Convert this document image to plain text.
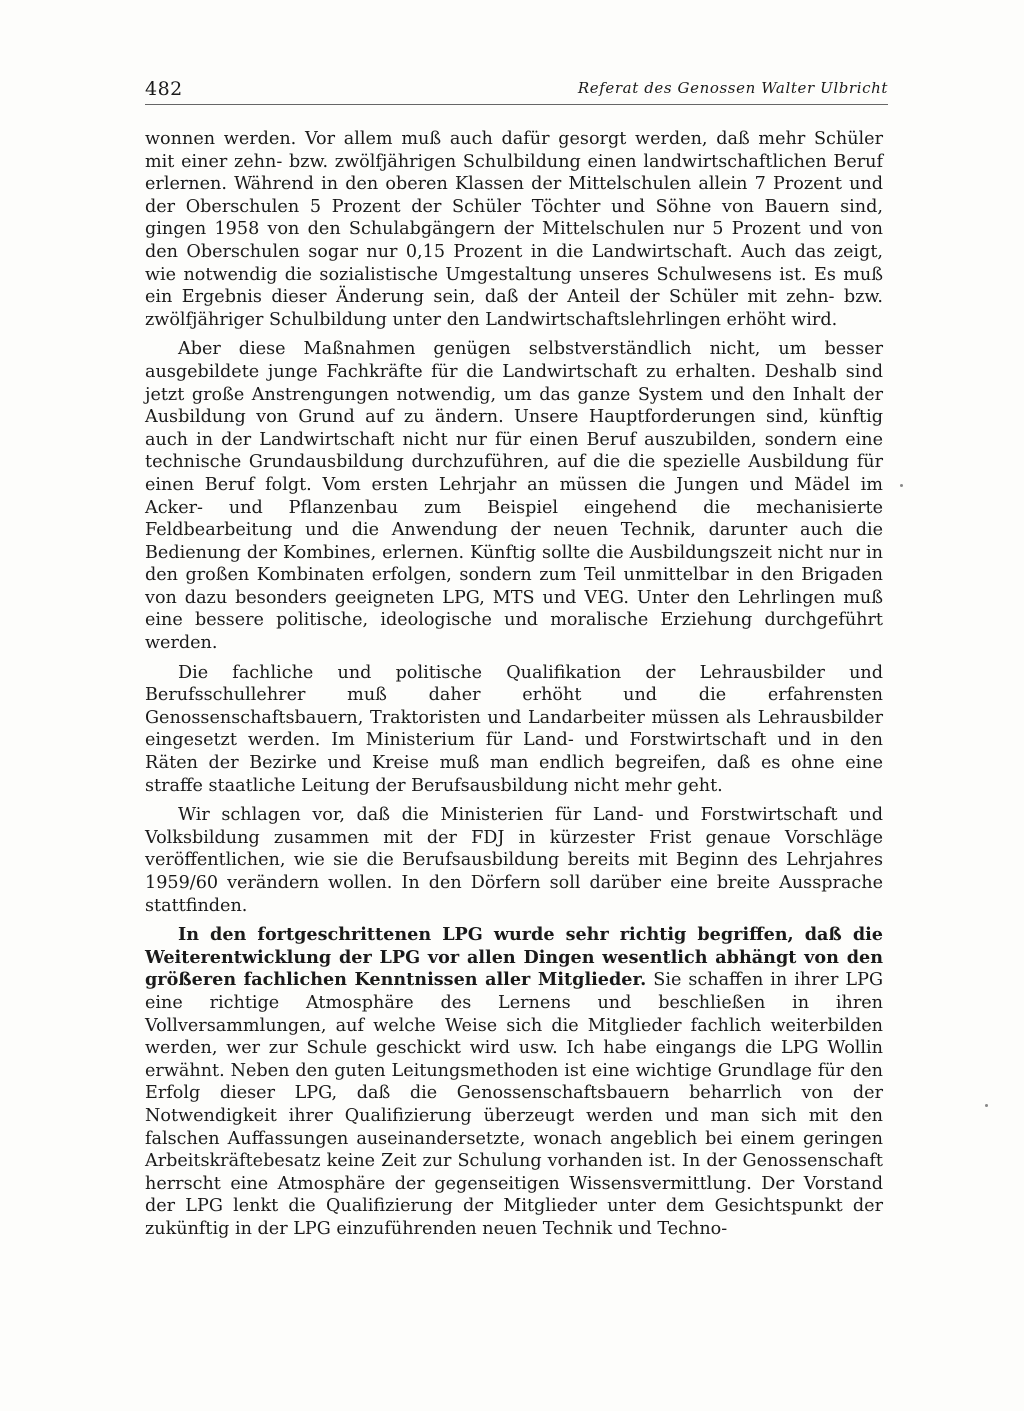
482	Referat des Genossen Walter Ulbricht

wonnen werden. Vor allem muß auch dafür gesorgt werden, daß mehr Schüler mit einer zehn- bzw. zwölfjährigen Schulbildung einen landwirtschaftlichen Beruf erlernen. Während in den oberen Klassen der Mittelschulen allein 7 Prozent und der Oberschulen 5 Prozent der Schüler Töchter und Söhne von Bauern sind, gingen 1958 von den Schulabgängern der Mittelschulen nur 5 Prozent und von den Oberschulen sogar nur 0,15 Prozent in die Landwirtschaft. Auch das zeigt, wie notwendig die sozialistische Umgestaltung unseres Schulwesens ist. Es muß ein Ergebnis dieser Änderung sein, daß der Anteil der Schüler mit zehn- bzw. zwölfjähriger Schulbildung unter den Landwirtschaftslehrlingen erhöht wird.

Aber diese Maßnahmen genügen selbstverständlich nicht, um besser ausgebildete junge Fachkräfte für die Landwirtschaft zu erhalten. Deshalb sind jetzt große Anstrengungen notwendig, um das ganze System und den Inhalt der Ausbildung von Grund auf zu ändern. Unsere Hauptforderungen sind, künftig auch in der Landwirtschaft nicht nur für einen Beruf auszubilden, sondern eine technische Grundausbildung durchzuführen, auf die die spezielle Ausbildung für einen Beruf folgt. Vom ersten Lehrjahr an müssen die Jungen und Mädel im Acker- und Pflanzenbau zum Beispiel eingehend die mechanisierte Feldbearbeitung und die Anwendung der neuen Technik, darunter auch die Bedienung der Kombines, erlernen. Künftig sollte die Ausbildungszeit nicht nur in den großen Kombinaten erfolgen, sondern zum Teil unmittelbar in den Brigaden von dazu besonders geeigneten LPG, MTS und VEG. Unter den Lehrlingen muß eine bessere politische, ideologische und moralische Erziehung durchgeführt werden.

Die fachliche und politische Qualifikation der Lehrausbilder und Berufsschullehrer muß daher erhöht und die erfahrensten Genossenschaftsbauern, Traktoristen und Landarbeiter müssen als Lehrausbilder eingesetzt werden. Im Ministerium für Land- und Forstwirtschaft und in den Räten der Bezirke und Kreise muß man endlich begreifen, daß es ohne eine straffe staatliche Leitung der Berufsausbildung nicht mehr geht.

Wir schlagen vor, daß die Ministerien für Land- und Forstwirtschaft und Volksbildung zusammen mit der FDJ in kürzester Frist genaue Vorschläge veröffentlichen, wie sie die Berufsausbildung bereits mit Beginn des Lehrjahres 1959/60 verändern wollen. In den Dörfern soll darüber eine breite Aussprache stattfinden.

In den fortgeschrittenen LPG wurde sehr richtig begriffen, daß die Weiterentwicklung der LPG vor allen Dingen wesentlich abhängt von den größeren fachlichen Kenntnissen aller Mitglieder. Sie schaffen in ihrer LPG eine richtige Atmosphäre des Lernens und beschließen in ihren Vollversammlungen, auf welche Weise sich die Mitglieder fachlich weiterbilden werden, wer zur Schule geschickt wird usw. Ich habe eingangs die LPG Wollin erwähnt. Neben den guten Leitungsmethoden ist eine wichtige Grundlage für den Erfolg dieser LPG, daß die Genossenschaftsbauern beharrlich von der Notwendigkeit ihrer Qualifizierung überzeugt werden und man sich mit den falschen Auffassungen auseinandersetzte, wonach angeblich bei einem geringen Arbeitskräftebesatz keine Zeit zur Schulung vorhanden ist. In der Genossenschaft herrscht eine Atmosphäre der gegenseitigen Wissensvermittlung. Der Vorstand der LPG lenkt die Qualifizierung der Mitglieder unter dem Gesichtspunkt der zukünftig in der LPG einzuführenden neuen Technik und Techno-
